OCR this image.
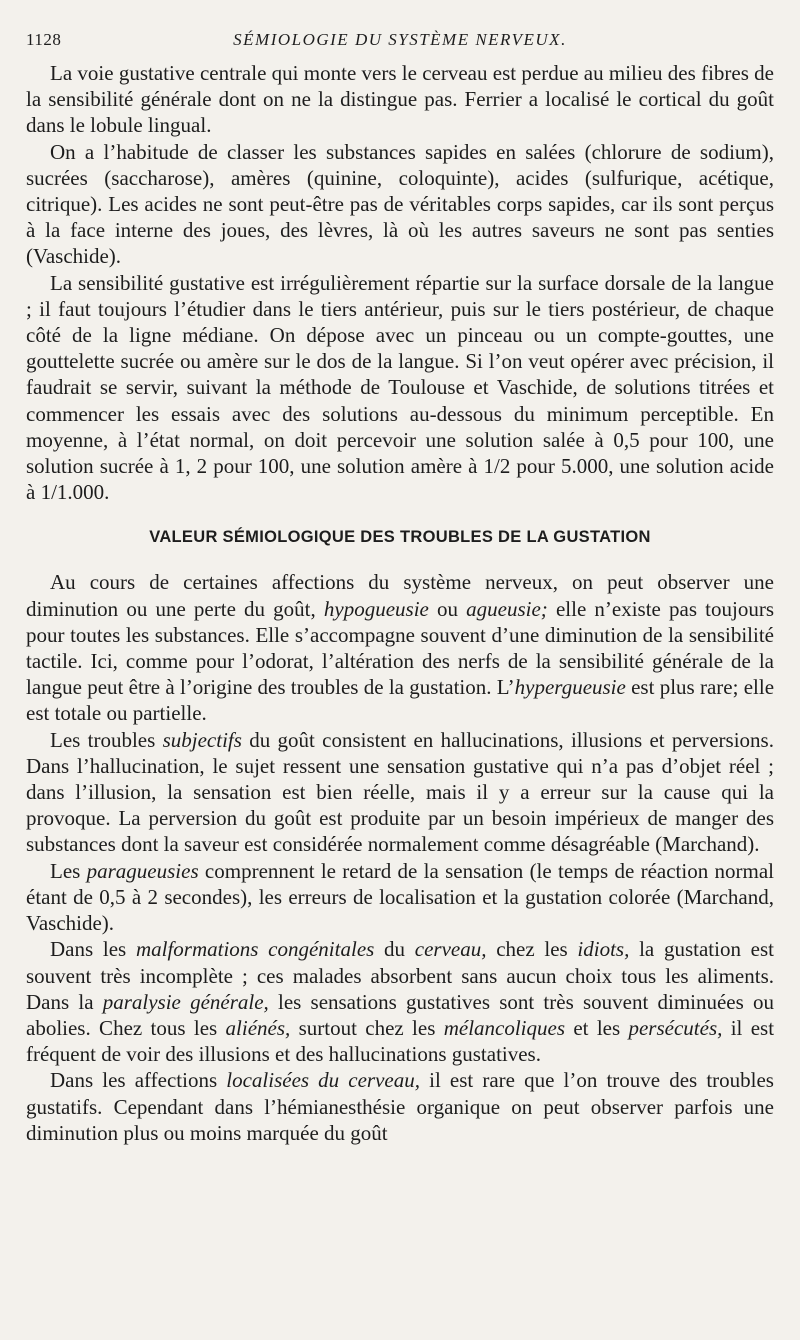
1128	SÉMIOLOGIE DU SYSTÈME NERVEUX.

La voie gustative centrale qui monte vers le cerveau est perdue au milieu des fibres de la sensibilité générale dont on ne la distingue pas. Ferrier a localisé le cortical du goût dans le lobule lingual.

On a l’habitude de classer les substances sapides en salées (chlorure de sodium), sucrées (saccharose), amères (quinine, coloquinte), acides (sulfurique, acétique, citrique). Les acides ne sont peut-être pas de véritables corps sapides, car ils sont perçus à la face interne des joues, des lèvres, là où les autres saveurs ne sont pas senties (Vaschide).

La sensibilité gustative est irrégulièrement répartie sur la surface dorsale de la langue ; il faut toujours l’étudier dans le tiers antérieur, puis sur le tiers postérieur, de chaque côté de la ligne médiane. On dépose avec un pinceau ou un compte-gouttes, une gouttelette sucrée ou amère sur le dos de la langue. Si l’on veut opérer avec précision, il faudrait se servir, suivant la méthode de Toulouse et Vaschide, de solutions titrées et commencer les essais avec des solutions au-dessous du minimum perceptible. En moyenne, à l’état normal, on doit percevoir une solution salée à 0,5 pour 100, une solution sucrée à 1, 2 pour 100, une solution amère à 1/2 pour 5.000, une solution acide à 1/1.000.

VALEUR SÉMIOLOGIQUE DES TROUBLES DE LA GUSTATION

Au cours de certaines affections du système nerveux, on peut observer une diminution ou une perte du goût, hypogueusie ou agueusie; elle n’existe pas toujours pour toutes les substances. Elle s’accompagne souvent d’une diminution de la sensibilité tactile. Ici, comme pour l’odorat, l’altération des nerfs de la sensibilité générale de la langue peut être à l’origine des troubles de la gustation. L’hypergueusie est plus rare; elle est totale ou partielle.

Les troubles subjectifs du goût consistent en hallucinations, illusions et perversions. Dans l’hallucination, le sujet ressent une sensation gustative qui n’a pas d’objet réel ; dans l’illusion, la sensation est bien réelle, mais il y a erreur sur la cause qui la provoque. La perversion du goût est produite par un besoin impérieux de manger des substances dont la saveur est considérée normalement comme désagréable (Marchand).

Les paragueusies comprennent le retard de la sensation (le temps de réaction normal étant de 0,5 à 2 secondes), les erreurs de localisation et la gustation colorée (Marchand, Vaschide).

Dans les malformations congénitales du cerveau, chez les idiots, la gustation est souvent très incomplète ; ces malades absorbent sans aucun choix tous les aliments. Dans la paralysie générale, les sensations gustatives sont très souvent diminuées ou abolies. Chez tous les aliénés, surtout chez les mélancoliques et les persécutés, il est fréquent de voir des illusions et des hallucinations gustatives.

Dans les affections localisées du cerveau, il est rare que l’on trouve des troubles gustatifs. Cependant dans l’hémianesthésie organique on peut observer parfois une diminution plus ou moins marquée du goût
